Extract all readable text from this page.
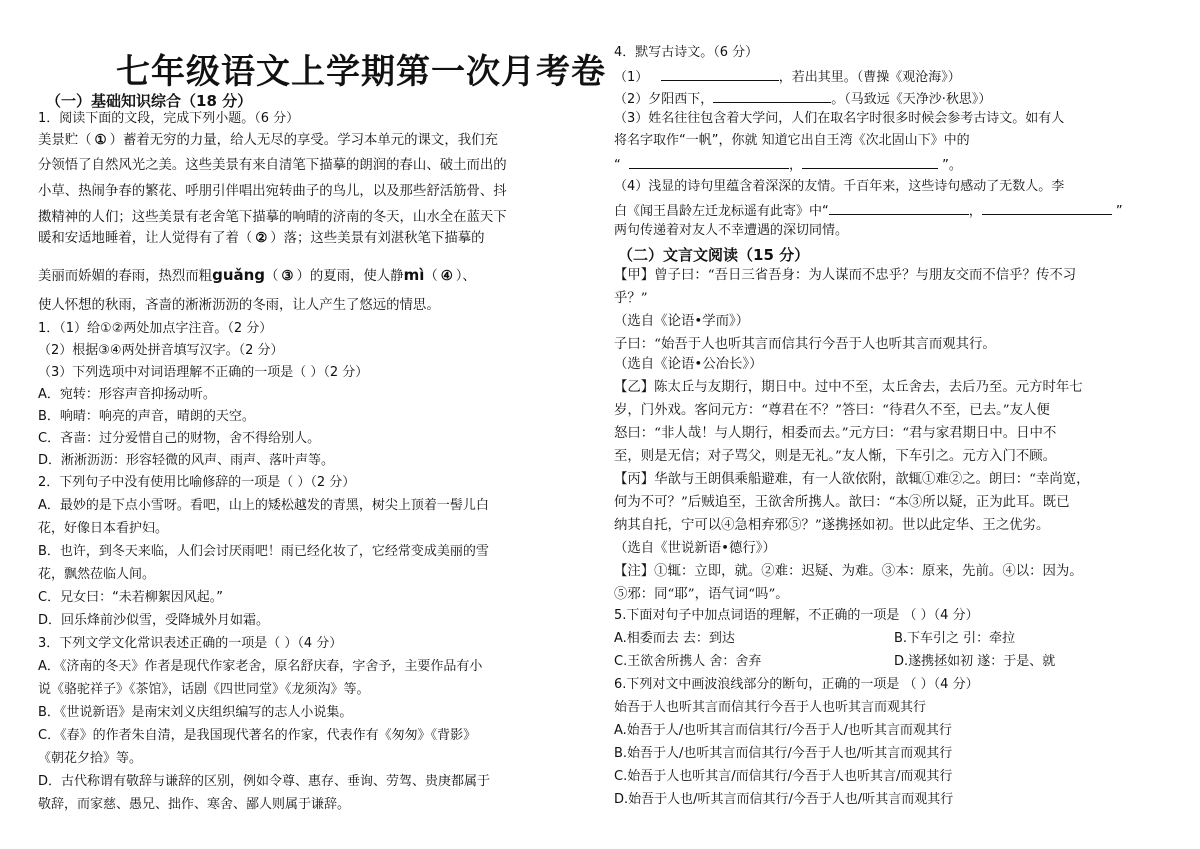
七年级语文上学期第一次月考卷
（一）基础知识综合（18 分）
1．阅读下面的文段，完成下列小题。（6 分）
美景贮（ ① ）蓄着无穷的力量，给人无尽的享受。学习本单元的课文，我们充
分领悟了自然风光之美。这些美景有来自清笔下描摹的朗润的春山、破土而出的
小草、热闹争春的繁花、呼朋引伴唱出宛转曲子的鸟儿，以及那些舒活筋骨、抖
擞精神的人们；这些美景有老舍笔下描摹的响晴的济南的冬天，山水全在蓝天下
暖和安适地睡着，让人觉得有了着（ ② ）落；这些美景有刘湛秋笔下描摹的
美丽而娇媚的春雨，热烈而粗guǎng（ ③ ）的夏雨，使人静mì（ ④ ）、
使人怀想的秋雨，吝啬的淅淅沥沥的冬雨，让人产生了悠远的情思。
1．（1）给①②两处加点字注音。（2 分）
（2）根据③④两处拼音填写汉字。（2 分）
（3）下列选项中对词语理解不正确的一项是（ ）（2 分）
A．宛转：形容声音抑扬动听。
B．响晴：响亮的声音，晴朗的天空。
C．吝啬：过分爱惜自己的财物，舍不得给别人。
D．淅淅沥沥：形容轻微的风声、雨声、落叶声等。
2．下列句子中没有使用比喻修辞的一项是（ ）（2 分）
A．最妙的是下点小雪呀。看吧，山上的矮松越发的青黑，树尖上顶着一髻儿白
花，好像日本看护妇。
B．也许，到冬天来临，人们会讨厌雨吧！雨已经化妆了，它经常变成美丽的雪
花，飘然莅临人间。
C．兄女曰：“未若柳絮因风起。”
D．回乐烽前沙似雪，受降城外月如霜。
3．下列文学文化常识表述正确的一项是（ ）（4 分）
A．《济南的冬天》作者是现代作家老舍，原名舒庆春，字舍予，主要作品有小
说《骆驼祥子》《茶馆》，话剧《四世同堂》《龙须沟》等。
B．《世说新语》是南宋刘义庆组织编写的志人小说集。
C．《春》的作者朱自清，是我国现代著名的作家，代表作有《匆匆》《背影》
《朝花夕拾》等。
D．古代称谓有敬辞与谦辞的区别，例如令尊、惠存、垂询、劳驾、贵庚都属于
敬辞，而家慈、愚兄、拙作、寒舍、鄙人则属于谦辞。
4．默写古诗文。（6 分）
（1）	，若出其里。（曹操《观沧海》）
（2）夕阳西下，	。（马致远《天净沙·秋思》）
（3）姓名往往包含着大学问，人们在取名字时很多时候会参考古诗文。如有人
将名字取作“一帆”，你就 知道它出自王湾《次北固山下》中的
“	，	”。
（4）浅显的诗句里蕴含着深深的友情。千百年来，这些诗句感动了无数人。李
白《闻王昌龄左迁龙标遥有此寄》中“	，	”
两句传递着对友人不幸遭遇的深切同情。
（二）文言文阅读（15 分）
【甲】曾子曰：“吾日三省吾身：为人谋而不忠乎？与朋友交而不信乎？传不习
乎？”
（选自《论语•学而》）
子曰：“始吾于人也听其言而信其行今吾于人也听其言而观其行。
（选自《论语•公冶长》）
【乙】陈太丘与友期行，期日中。过中不至，太丘舍去，去后乃至。元方时年七
岁，门外戏。客问元方：“尊君在不？”答曰：“待君久不至，已去。”友人便
怒曰：“非人哉！与人期行，相委而去。”元方曰：“君与家君期日中。日中不
至，则是无信；对子骂父，则是无礼。”友人惭，下车引之。元方入门不顾。
【丙】华歆与王朗俱乘船避难，有一人欲依附，歆辄①难②之。朗曰：“幸尚宽，
何为不可？”后贼追至，王欲舍所携人。歆曰：“本③所以疑，正为此耳。既已
纳其自托，宁可以④急相弃邪⑤？”遂携拯如初。世以此定华、王之优劣。
（选自《世说新语•德行》）
【注】①辄：立即，就。②难：迟疑、为难。③本：原来，先前。④以：因为。
⑤邪：同“耶”，语气词“吗”。
5.下面对句子中加点词语的理解，不正确的一项是 （ ）（4 分）
A.相委而去 去：到达	B.下车引之 引：牵拉
C.王欲舍所携人 舍：舍弃	D.遂携拯如初 遂：于是、就
6.下列对文中画波浪线部分的断句，正确的一项是 （ ）（4 分）
始吾于人也听其言而信其行今吾于人也听其言而观其行
A.始吾于人/也听其言而信其行/今吾于人/也听其言而观其行
B.始吾于人/也听其言而信其行/今吾于人也/听其言而观其行
C.始吾于人也听其言/而信其行/今吾于人也听其言/而观其行
D.始吾于人也/听其言而信其行/今吾于人也/听其言而观其行
